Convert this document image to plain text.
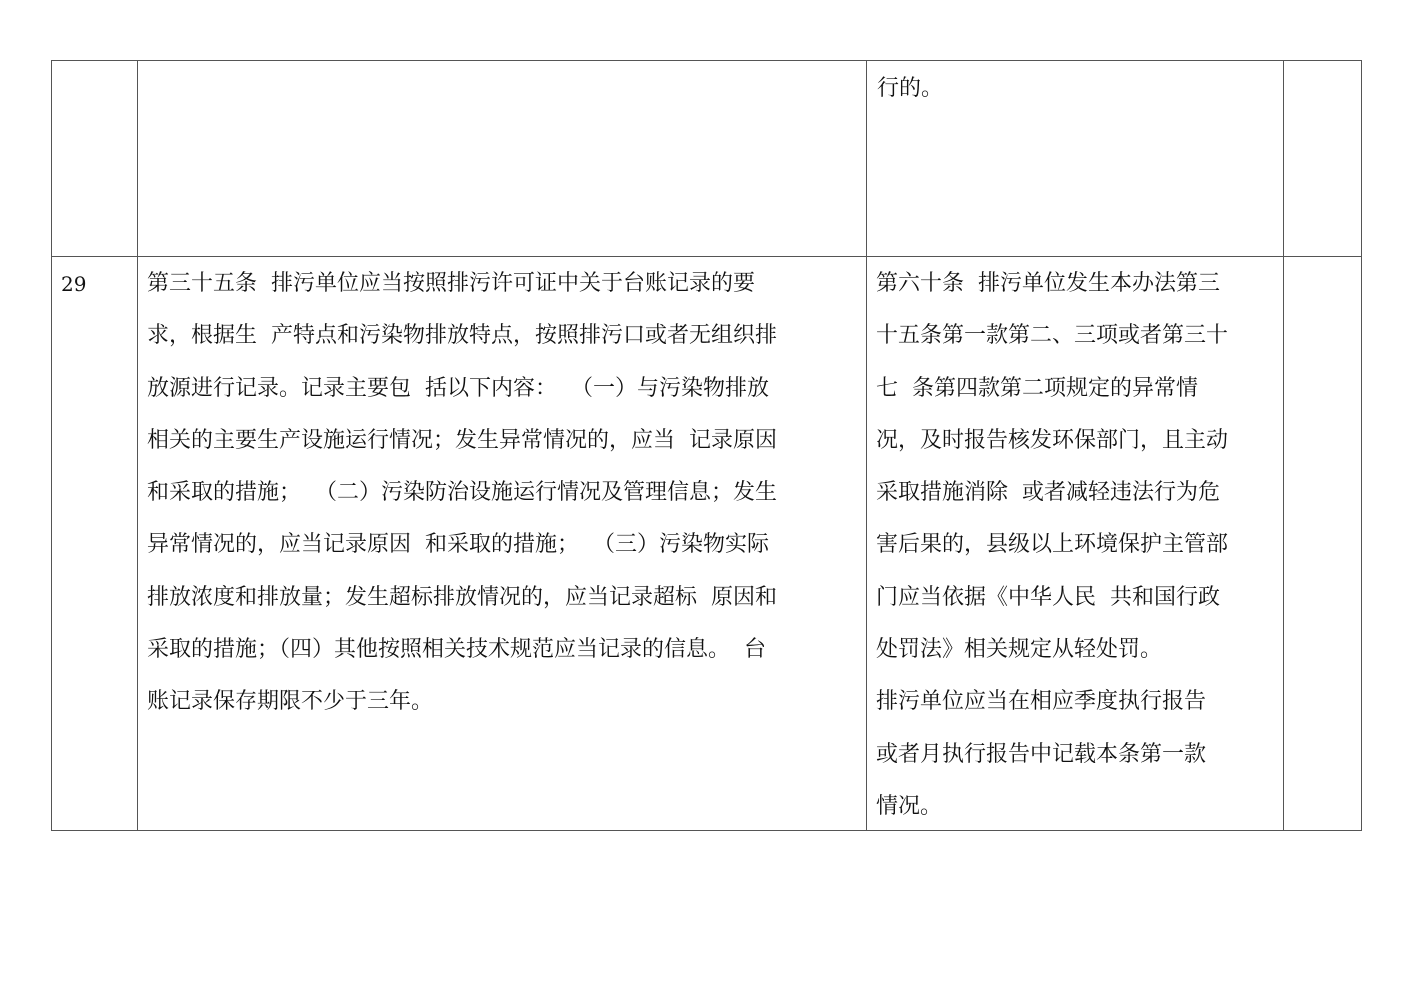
行的。
29	第三十五条  排污单位应当按照排污许可证中关于台账记录的要
求，根据生  产特点和污染物排放特点，按照排污口或者无组织排
放源进行记录。记录主要包  括以下内容：  （一）与污染物排放
相关的主要生产设施运行情况；发生异常情况的，应当  记录原因
和采取的措施；  （二）污染防治设施运行情况及管理信息；发生
异常情况的，应当记录原因  和采取的措施；  （三）污染物实际
排放浓度和排放量；发生超标排放情况的，应当记录超标  原因和
采取的措施；（四）其他按照相关技术规范应当记录的信息。  台
账记录保存期限不少于三年。
第六十条  排污单位发生本办法第三
十五条第一款第二、三项或者第三十
七  条第四款第二项规定的异常情
况，及时报告核发环保部门，且主动
采取措施消除  或者减轻违法行为危
害后果的，县级以上环境保护主管部
门应当依据《中华人民  共和国行政
处罚法》相关规定从轻处罚。
排污单位应当在相应季度执行报告
或者月执行报告中记载本条第一款
情况。
